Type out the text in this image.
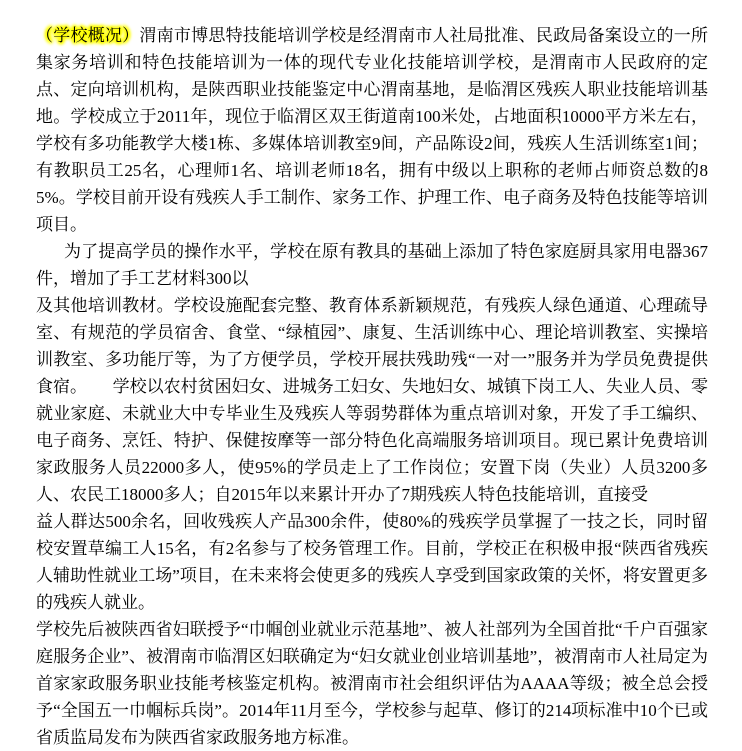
（学校概况）渭南市博思特技能培训学校是经渭南市人社局批准、民政局备案设立的一所集家务培训和特色技能培训为一体的现代专业化技能培训学校，是渭南市人民政府的定点、定向培训机构，是陕西职业技能鉴定中心渭南基地，是临渭区残疾人职业技能培训基地。学校成立于2011年，现位于临渭区双王街道南100米处，占地面积10000平方米左右，学校有多功能教学大楼1栋、多媒体培训教室9间，产品陈设2间，残疾人生活训练室1间；有教职员工25名，心理师1名、培训老师18名，拥有中级以上职称的老师占师资总数的85%。学校目前开设有残疾人手工制作、家务工作、护理工作、电子商务及特色技能等培训项目。

为了提高学员的操作水平，学校在原有教具的基础上添加了特色家庭厨具家用电器367件，增加了手工艺材料300以

及其他培训教材。学校设施配套完整、教育体系新颖规范，有残疾人绿色通道、心理疏导室、有规范的学员宿舍、食堂、“绿植园”、康复、生活训练中心、理论培训教室、实操培训教室、多功能厅等，为了方便学员，学校开展扶残助残“一对一”服务并为学员免费提供食宿。　　学校以农村贫困妇女、进城务工妇女、失地妇女、城镇下岗工人、失业人员、零就业家庭、未就业大中专毕业生及残疾人等弱势群体为重点培训对象，开发了手工编织、电子商务、烹饪、特护、保健按摩等一部分特色化高端服务培训项目。现已累计免费培训家政服务人员22000多人，使95%的学员走上了工作岗位；安置下岗（失业）人员3200多人、农民工18000多人；自2015年以来累计开办了7期残疾人特色技能培训，直接受

益人群达500余名，回收残疾人产品300余件，使80%的残疾学员掌握了一技之长，同时留校安置草编工人15名，有2名参与了校务管理工作。目前，学校正在积极申报“陕西省残疾人辅助性就业工场”项目，在未来将会使更多的残疾人享受到国家政策的关怀，将安置更多的残疾人就业。

学校先后被陕西省妇联授予“巾帼创业就业示范基地”、被人社部列为全国首批“千户百强家庭服务企业”、被渭南市临渭区妇联确定为“妇女就业创业培训基地”，被渭南市人社局定为首家家政服务职业技能考核鉴定机构。被渭南市社会组织评估为AAAA等级；被全总会授予“全国五一巾帼标兵岗”。2014年11月至今，学校参与起草、修订的214项标准中10个已或省质监局发布为陕西省家政服务地方标准。
